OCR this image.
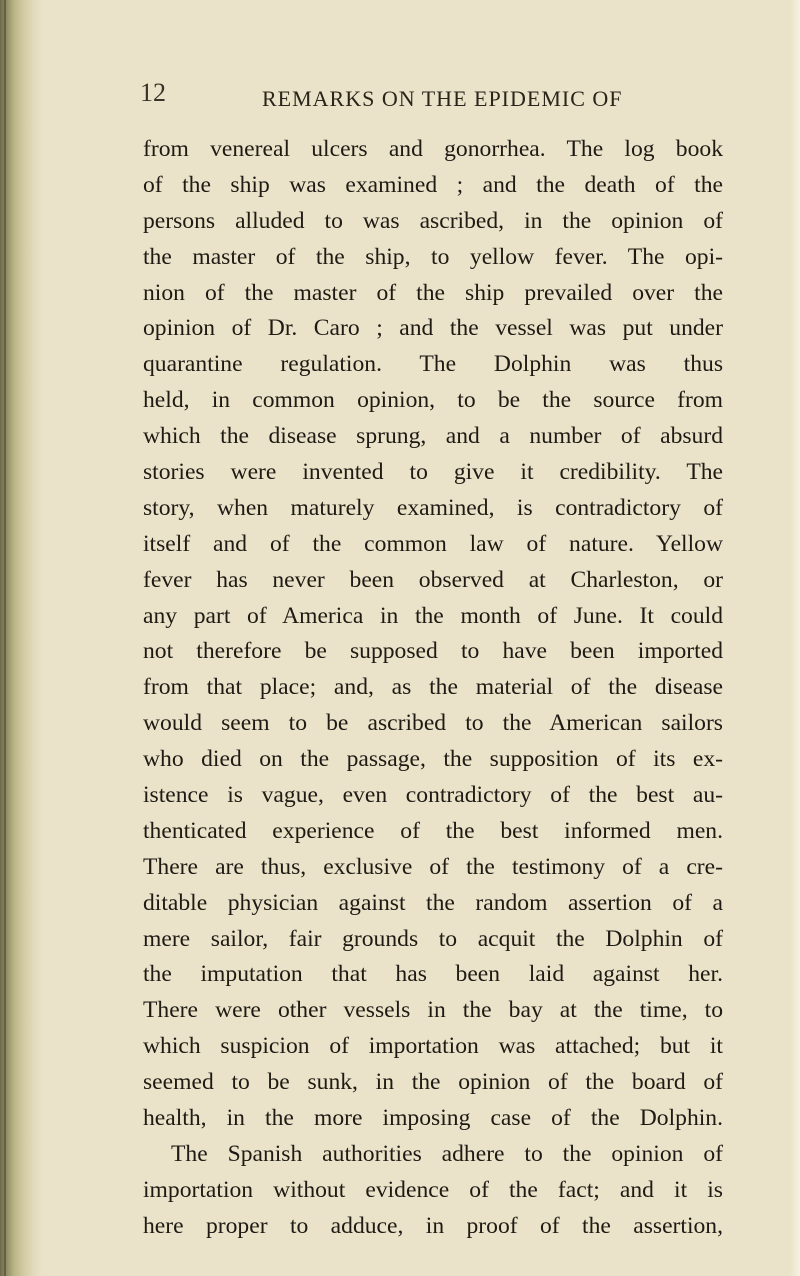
12	REMARKS ON THE EPIDEMIC OF
from venereal ulcers and gonorrhea. The log book
of the ship was examined ; and the death of the
persons alluded to was ascribed, in the opinion of
the master of the ship, to yellow fever. The opi-
nion of the master of the ship prevailed over the
opinion of Dr. Caro ; and the vessel was put under
quarantine regulation. The Dolphin was thus
held, in common opinion, to be the source from
which the disease sprung, and a number of absurd
stories were invented to give it credibility. The
story, when maturely examined, is contradictory of
itself and of the common law of nature. Yellow
fever has never been observed at Charleston, or
any part of America in the month of June. It could
not therefore be supposed to have been imported
from that place; and, as the material of the disease
would seem to be ascribed to the American sailors
who died on the passage, the supposition of its ex-
istence is vague, even contradictory of the best au-
thenticated experience of the best informed men.
There are thus, exclusive of the testimony of a cre-
ditable physician against the random assertion of a
mere sailor, fair grounds to acquit the Dolphin of
the imputation that has been laid against her.
There were other vessels in the bay at the time, to
which suspicion of importation was attached; but it
seemed to be sunk, in the opinion of the board of
health, in the more imposing case of the Dolphin.
The Spanish authorities adhere to the opinion of
importation without evidence of the fact; and it is
here proper to adduce, in proof of the assertion,
